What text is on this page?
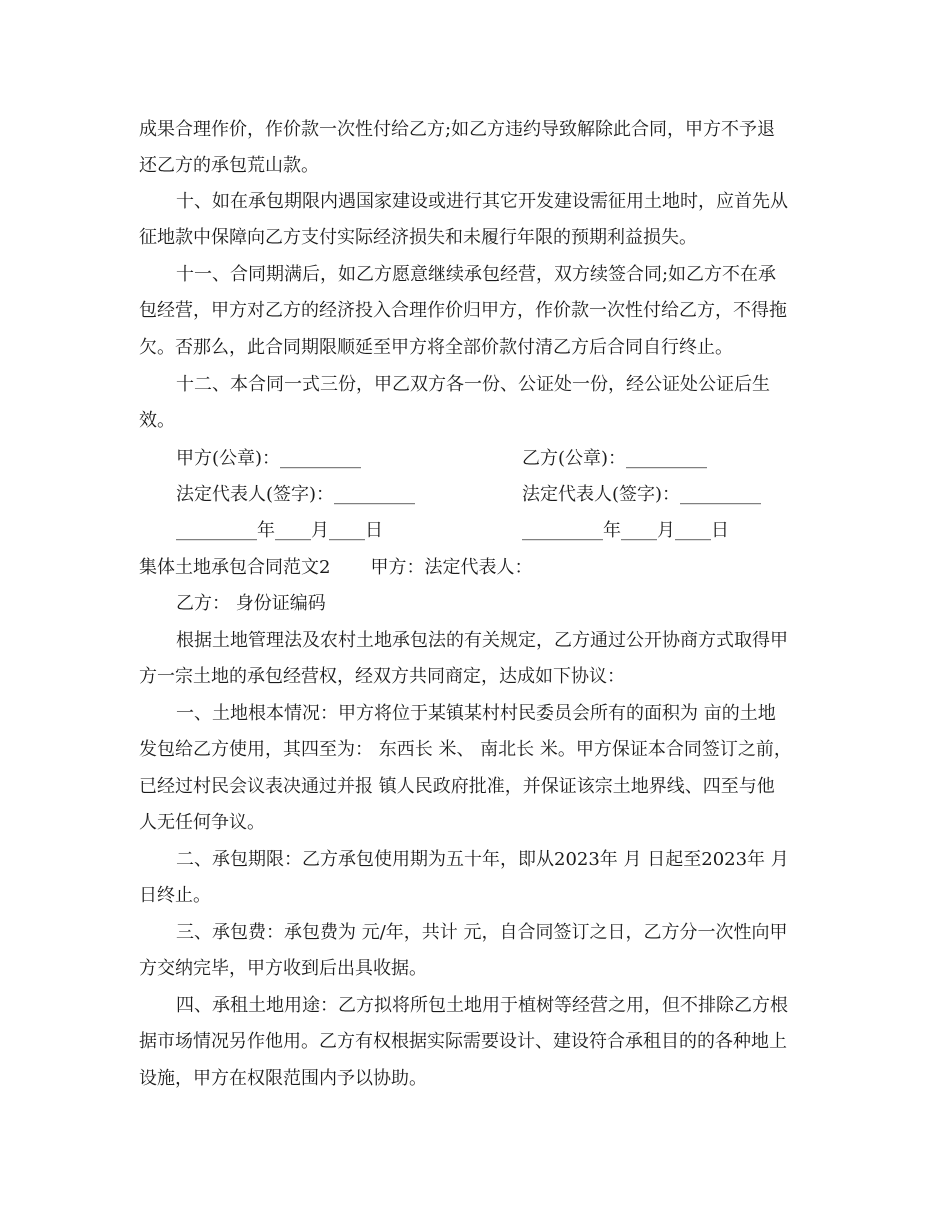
成果合理作价，作价款一次性付给乙方;如乙方违约导致解除此合同，甲方不予退
还乙方的承包荒山款。
十、如在承包期限内遇国家建设或进行其它开发建设需征用土地时，应首先从
征地款中保障向乙方支付实际经济损失和未履行年限的预期利益损失。
十一、合同期满后，如乙方愿意继续承包经营，双方续签合同;如乙方不在承
包经营，甲方对乙方的经济投入合理作价归甲方，作价款一次性付给乙方，不得拖
欠。否那么，此合同期限顺延至甲方将全部价款付清乙方后合同自行终止。
十二、本合同一式三份，甲乙双方各一份、公证处一份，经公证处公证后生
效。
甲方(公章)：_________	乙方(公章)：_________
法定代表人(签字)：_________	法定代表人(签字)：_________
_________年____月____日	_________年____月____日
集体土地承包合同范文2 甲方：法定代表人：
乙方： 身份证编码
根据土地管理法及农村土地承包法的有关规定，乙方通过公开协商方式取得甲
方一宗土地的承包经营权，经双方共同商定，达成如下协议：
一、土地根本情况：甲方将位于某镇某村村民委员会所有的面积为 亩的土地
发包给乙方使用，其四至为： 东西长 米、 南北长 米。甲方保证本合同签订之前，
已经过村民会议表决通过并报 镇人民政府批准，并保证该宗土地界线、四至与他
人无任何争议。
二、承包期限：乙方承包使用期为五十年，即从2023年 月 日起至2023年 月
日终止。
三、承包费：承包费为 元/年，共计 元，自合同签订之日，乙方分一次性向甲
方交纳完毕，甲方收到后出具收据。
四、承租土地用途：乙方拟将所包土地用于植树等经营之用，但不排除乙方根
据市场情况另作他用。乙方有权根据实际需要设计、建设符合承租目的的各种地上
设施，甲方在权限范围内予以协助。
